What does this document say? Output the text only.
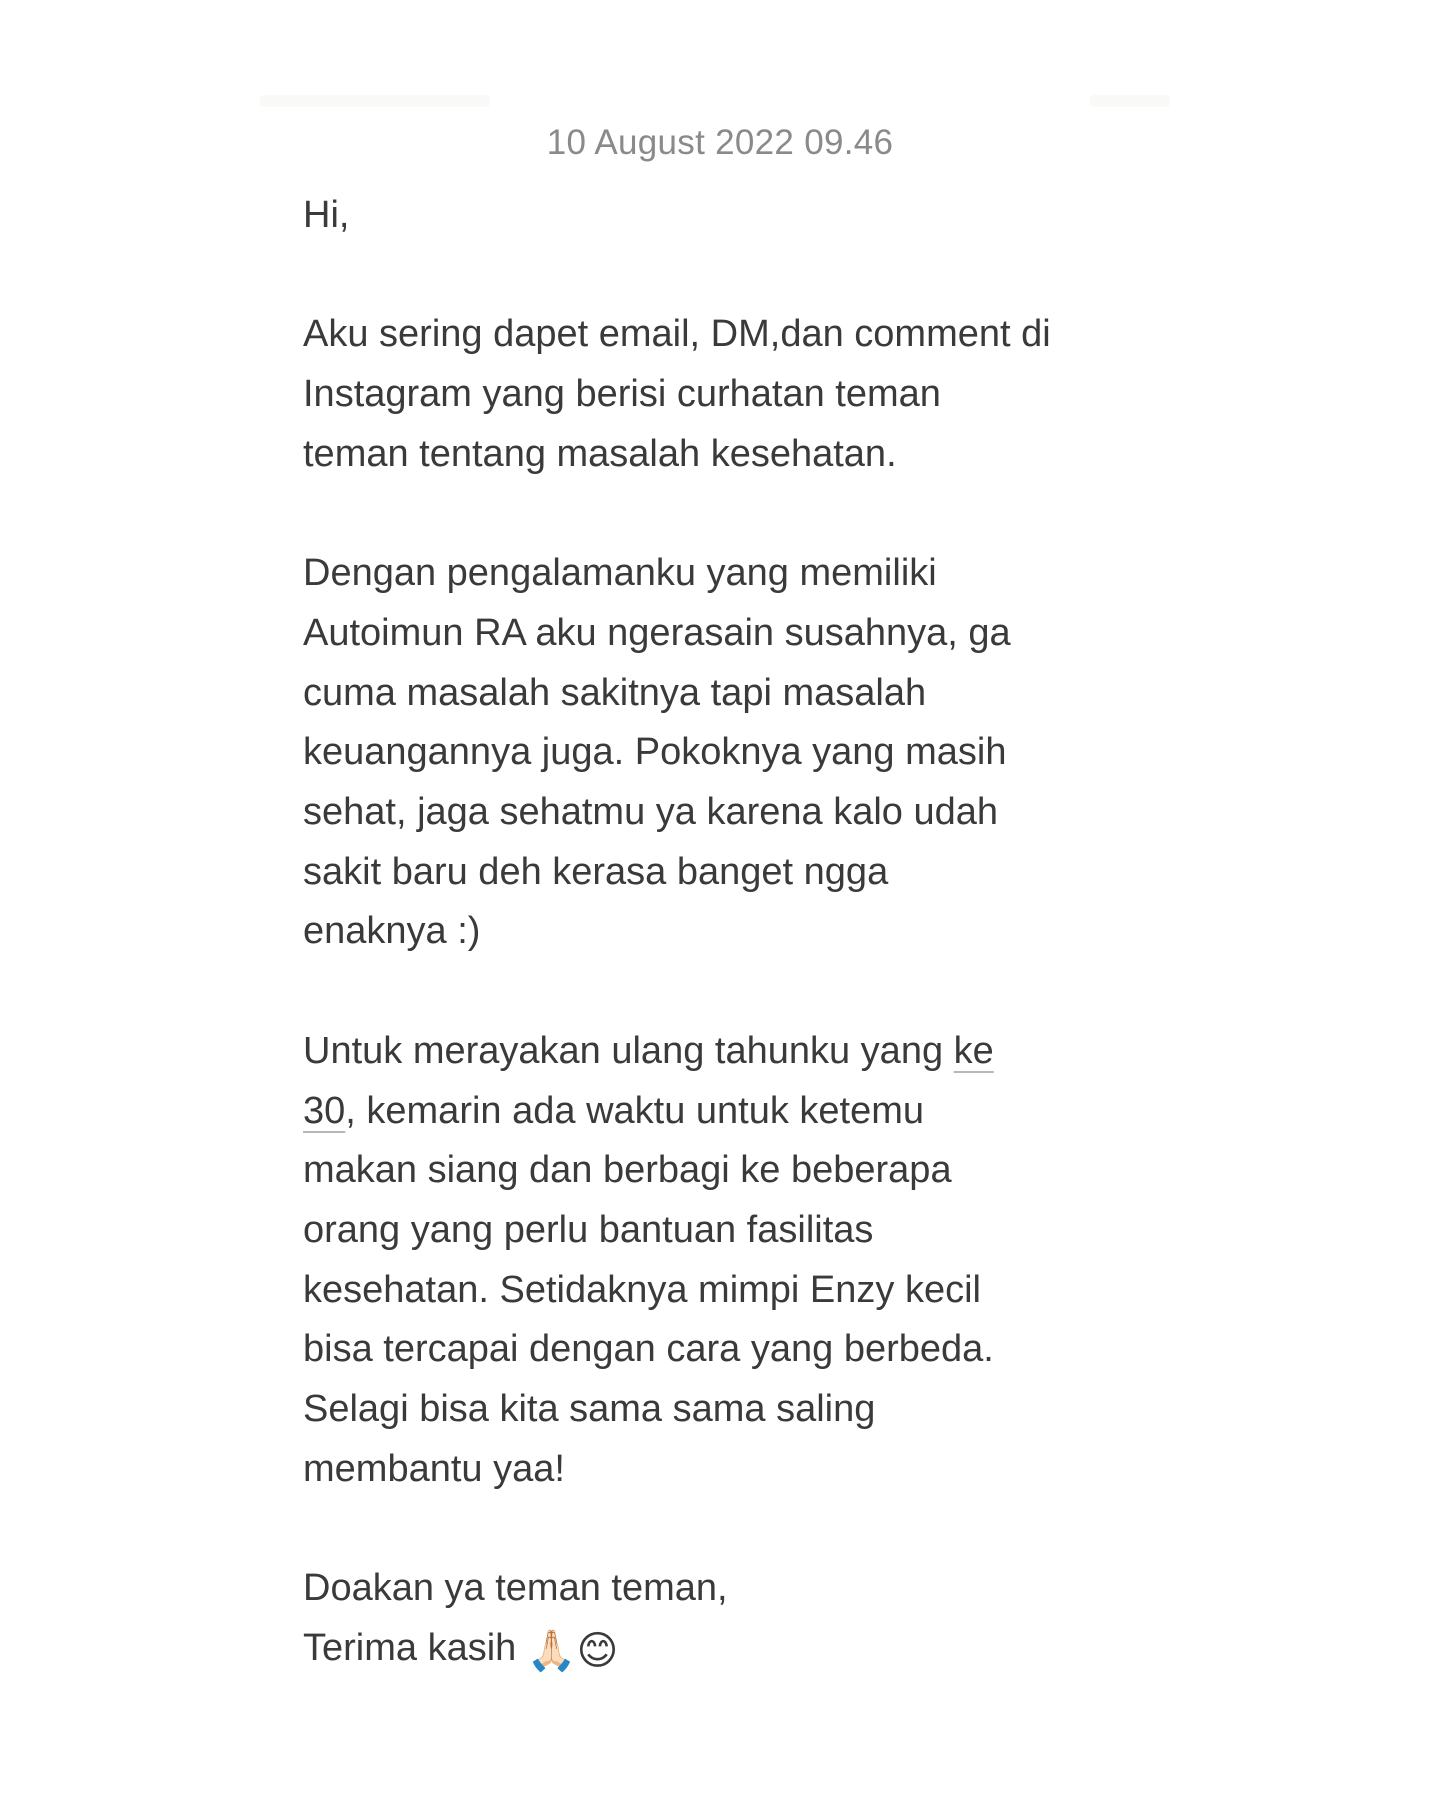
10 August 2022 09.46
Hi,
Aku sering dapet email, DM,dan comment di
Instagram yang berisi curhatan teman
teman tentang masalah kesehatan.
Dengan pengalamanku yang memiliki
Autoimun RA aku ngerasain susahnya, ga
cuma masalah sakitnya tapi masalah
keuangannya juga. Pokoknya yang masih
sehat, jaga sehatmu ya karena kalo udah
sakit baru deh kerasa banget ngga
enaknya :)
Untuk merayakan ulang tahunku yang ke
30, kemarin ada waktu untuk ketemu
makan siang dan berbagi ke beberapa
orang yang perlu bantuan fasilitas
kesehatan. Setidaknya mimpi Enzy kecil
bisa tercapai dengan cara yang berbeda.
Selagi bisa kita sama sama saling
membantu yaa!
Doakan ya teman teman,
Terima kasih 🙏🏻😊
